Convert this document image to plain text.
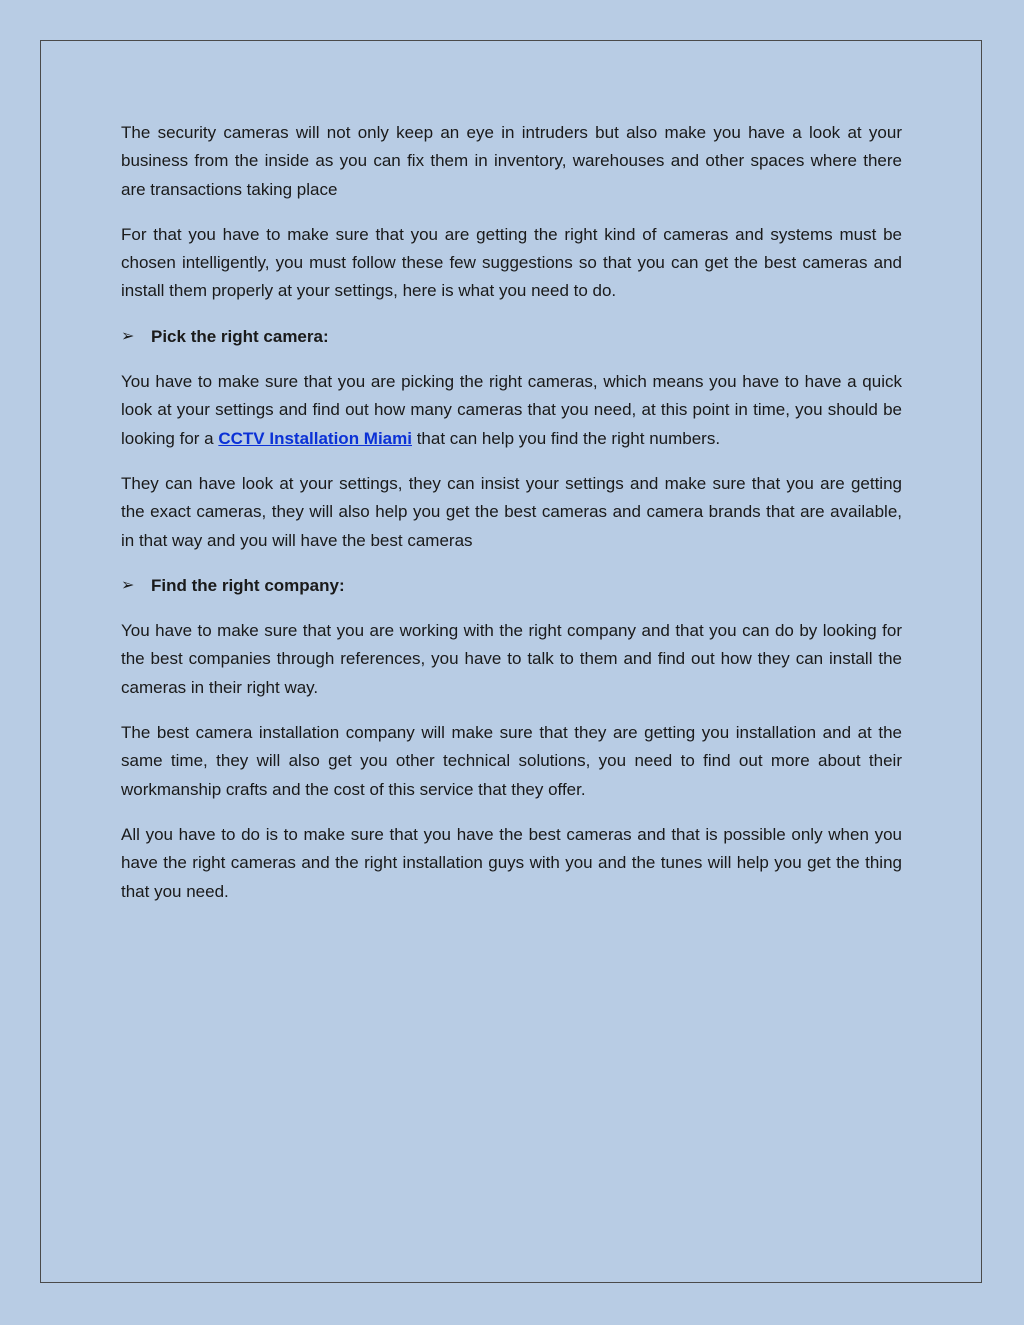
The security cameras will not only keep an eye in intruders but also make you have a look at your business from the inside as you can fix them in inventory, warehouses and other spaces where there are transactions taking place

For that you have to make sure that you are getting the right kind of cameras and systems must be chosen intelligently, you must follow these few suggestions so that you can get the best cameras and install them properly at your settings, here is what you need to do.

➢ Pick the right camera:

You have to make sure that you are picking the right cameras, which means you have to have a quick look at your settings and find out how many cameras that you need, at this point in time, you should be looking for a CCTV Installation Miami that can help you find the right numbers.

They can have look at your settings, they can insist your settings and make sure that you are getting the exact cameras, they will also help you get the best cameras and camera brands that are available, in that way and you will have the best cameras

➢ Find the right company:

You have to make sure that you are working with the right company and that you can do by looking for the best companies through references, you have to talk to them and find out how they can install the cameras in their right way.

The best camera installation company will make sure that they are getting you installation and at the same time, they will also get you other technical solutions, you need to find out more about their workmanship crafts and the cost of this service that they offer.

All you have to do is to make sure that you have the best cameras and that is possible only when you have the right cameras and the right installation guys with you and the tunes will help you get the thing that you need.
